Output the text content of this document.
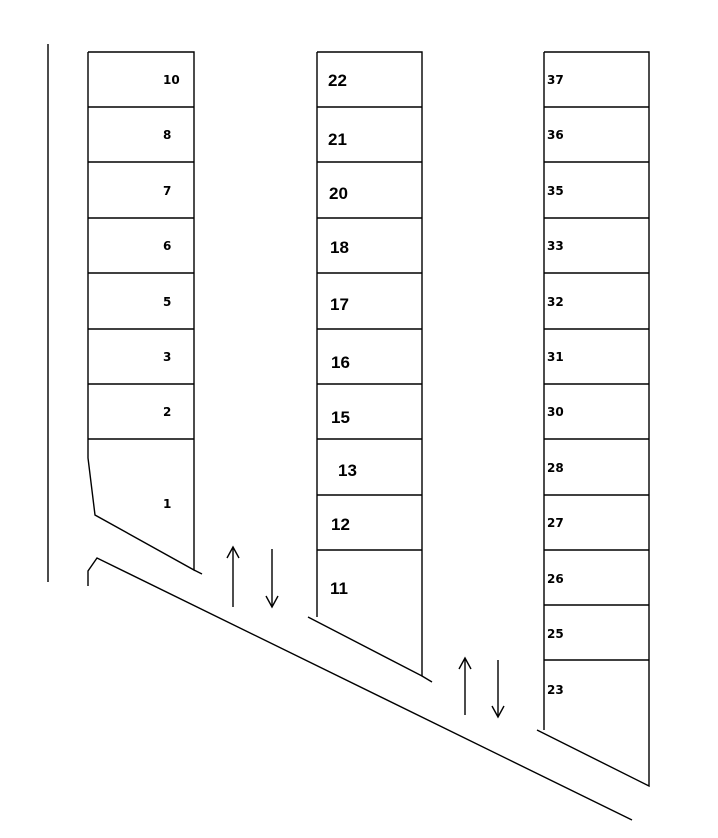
10
8
7
6
5
3
2
1
22
21
20
18
17
16
15
13
12
11
37
36
35
33
32
31
30
28
27
26
25
23
